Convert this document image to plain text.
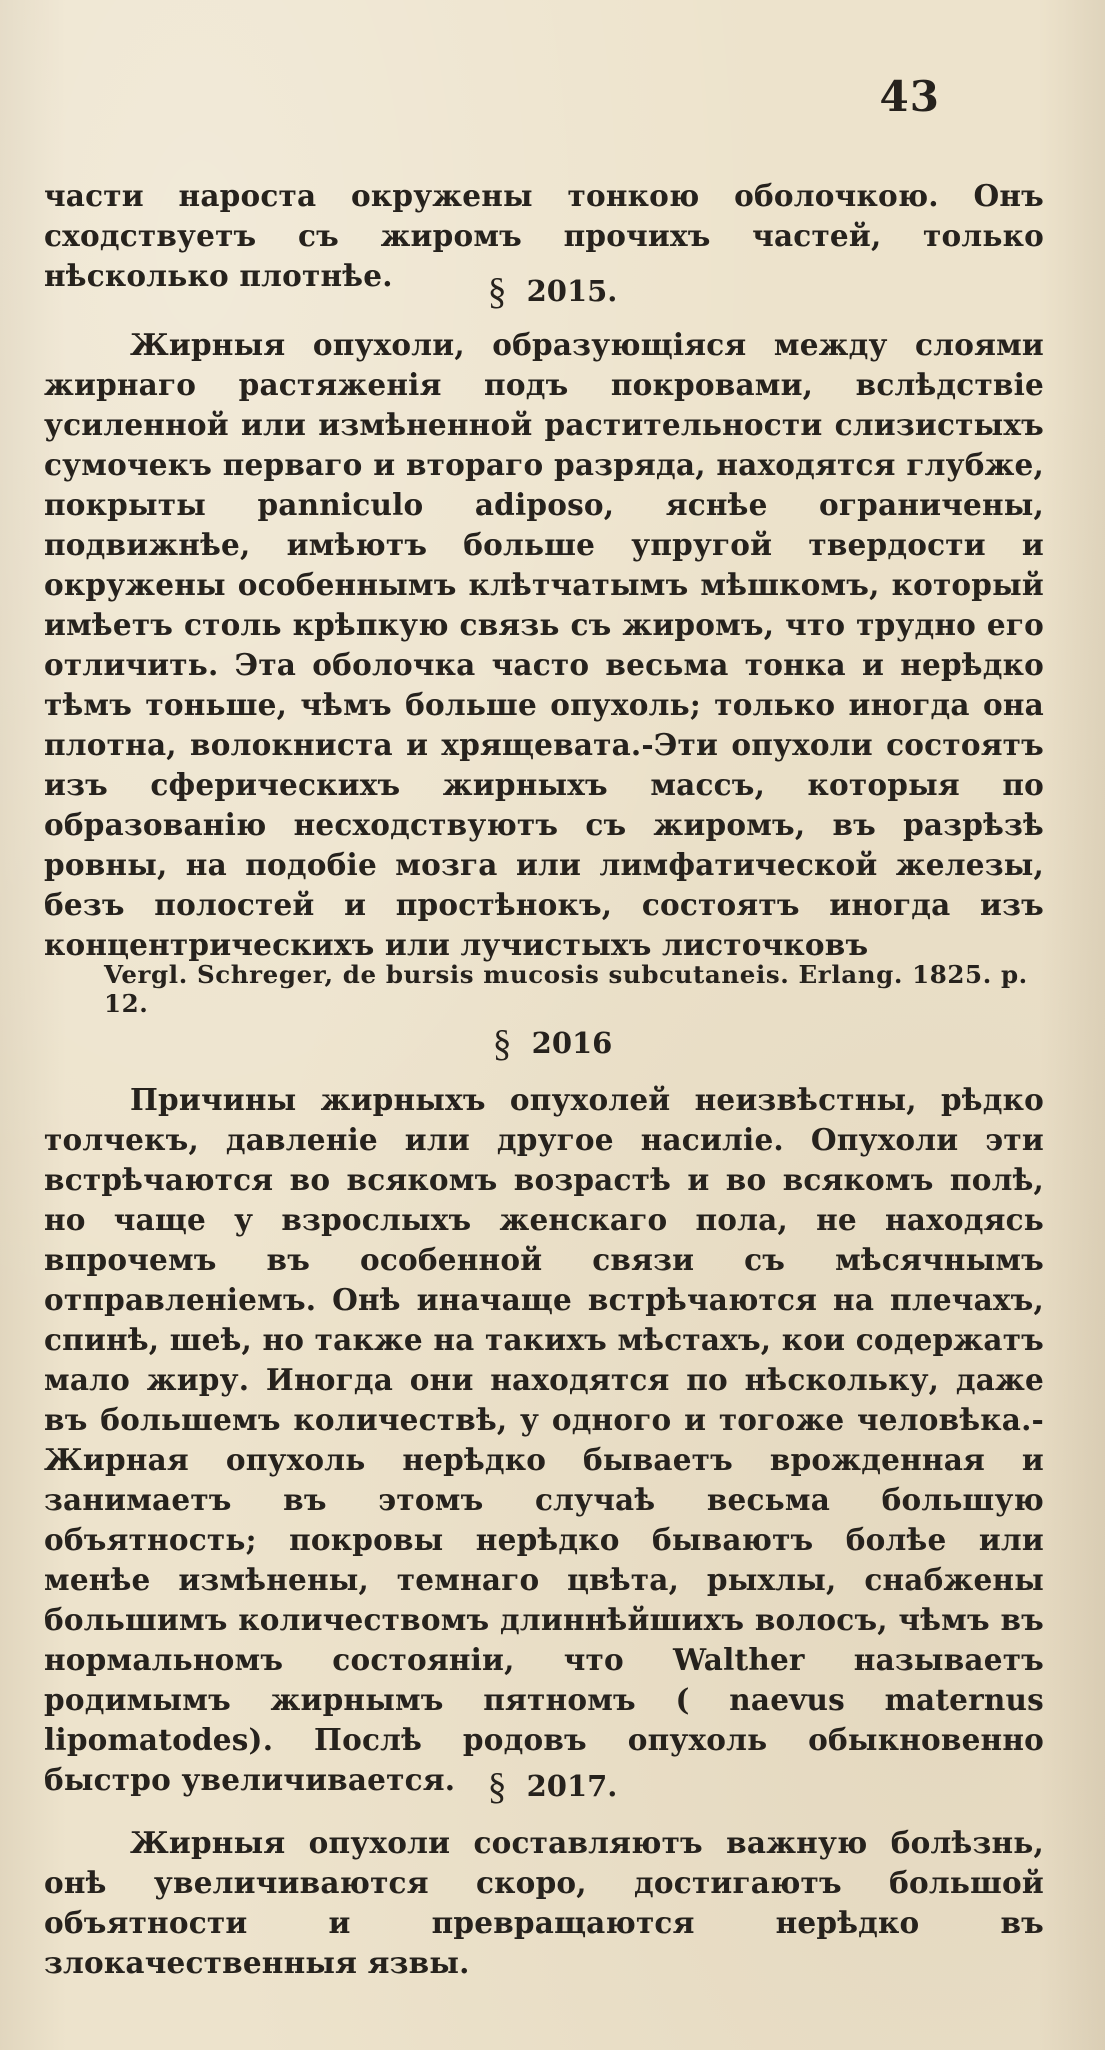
43

части нароста окружены тонкою оболочкою. Онъ сходствуетъ съ жиромъ прочихъ частей, только нѣсколько плотнѣе.	§ 2015.

Жирныя опухоли, образующіяся между слоями жирнаго растяженія подъ покровами, вслѣдствіе усиленной или измѣненной растительности слизистыхъ сумочекъ перваго и втораго разряда, находятся глубже, покрыты panniculo adiposo, яснѣе ограничены, подвижнѣе, имѣютъ больше упругой твердости и окружены особеннымъ клѣтчатымъ мѣшкомъ, который имѣетъ столь крѣпкую связь съ жиромъ, что трудно его отличить. Эта оболочка часто весьма тонка и нерѣдко тѣмъ тоньше, чѣмъ больше опухоль; только иногда она плотна, волокниста и хрящевата.-Эти опухоли состоятъ изъ сферическихъ жирныхъ массъ, которыя по образованію несходствуютъ съ жиромъ, въ разрѣзѣ ровны, на подобіе мозга или лимфатической железы, безъ полостей и простѣнокъ, состоятъ иногда изъ концентрическихъ или лучистыхъ листочковъ

Vergl. Schreger, de bursis mucosis subcutaneis. Erlang. 1825. p. 12.
§ 2016

Причины жирныхъ опухолей неизвѣстны, рѣдко толчекъ, давленіе или другое насиліе. Опухоли эти встрѣчаются во всякомъ возрастѣ и во всякомъ полѣ, но чаще у взрослыхъ женскаго пола, не находясь впрочемъ въ особенной связи съ мѣсячнымъ отправленіемъ. Онѣ иначаще встрѣчаются на плечахъ, спинѣ, шеѣ, но также на такихъ мѣстахъ, кои содержатъ мало жиру. Иногда они находятся по нѣскольку, даже въ большемъ количествѣ, у одного и тогоже человѣка.-Жирная опухоль нерѣдко бываетъ врожденная и занимаетъ въ этомъ случаѣ весьма большую объятность; покровы нерѣдко бываютъ болѣе или менѣе измѣнены, темнаго цвѣта, рыхлы, снабжены большимъ количествомъ длиннѣйшихъ волосъ, чѣмъ въ нормальномъ состояніи, что Walther называетъ родимымъ жирнымъ пятномъ ( naevus maternus lipomatodes). Послѣ родовъ опухоль обыкновенно быстро увеличивается. § 2017.

Жирныя опухоли составляютъ важную болѣзнь, онѣ увеличиваются скоро, достигаютъ большой объятности и превращаются нерѣдко въ злокачественныя язвы.
